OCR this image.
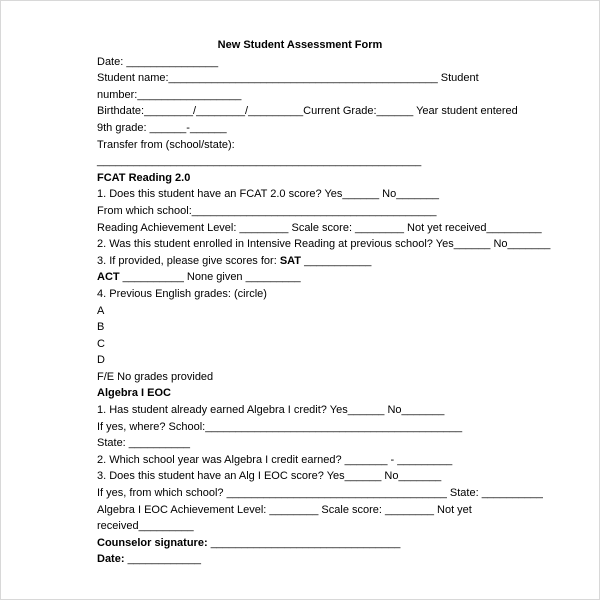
New Student Assessment Form
Date: _______________
Student name:____________________________________________ Student
number:_________________
Birthdate:________/________/_________Current Grade:______ Year student entered
9th grade: ______-______
Transfer from (school/state):
_____________________________________________________
FCAT Reading 2.0
1. Does this student have an FCAT 2.0 score? Yes______ No_______
From which school:________________________________________
Reading Achievement Level: ________ Scale score: ________ Not yet received_________
2. Was this student enrolled in Intensive Reading at previous school? Yes______ No_______
3. If provided, please give scores for: SAT ___________
ACT __________ None given _________
4. Previous English grades: (circle)
A
B
C
D
F/E No grades provided
Algebra I EOC
1. Has student already earned Algebra I credit? Yes______ No_______
If yes, where? School:__________________________________________
State: __________
2. Which school year was Algebra I credit earned? _______ - _________
3. Does this student have an Alg I EOC score? Yes______ No_______
If yes, from which school? ____________________________________ State: __________
Algebra I EOC Achievement Level: ________ Scale score: ________ Not yet
received_________
Counselor signature: _______________________________
Date: ____________
